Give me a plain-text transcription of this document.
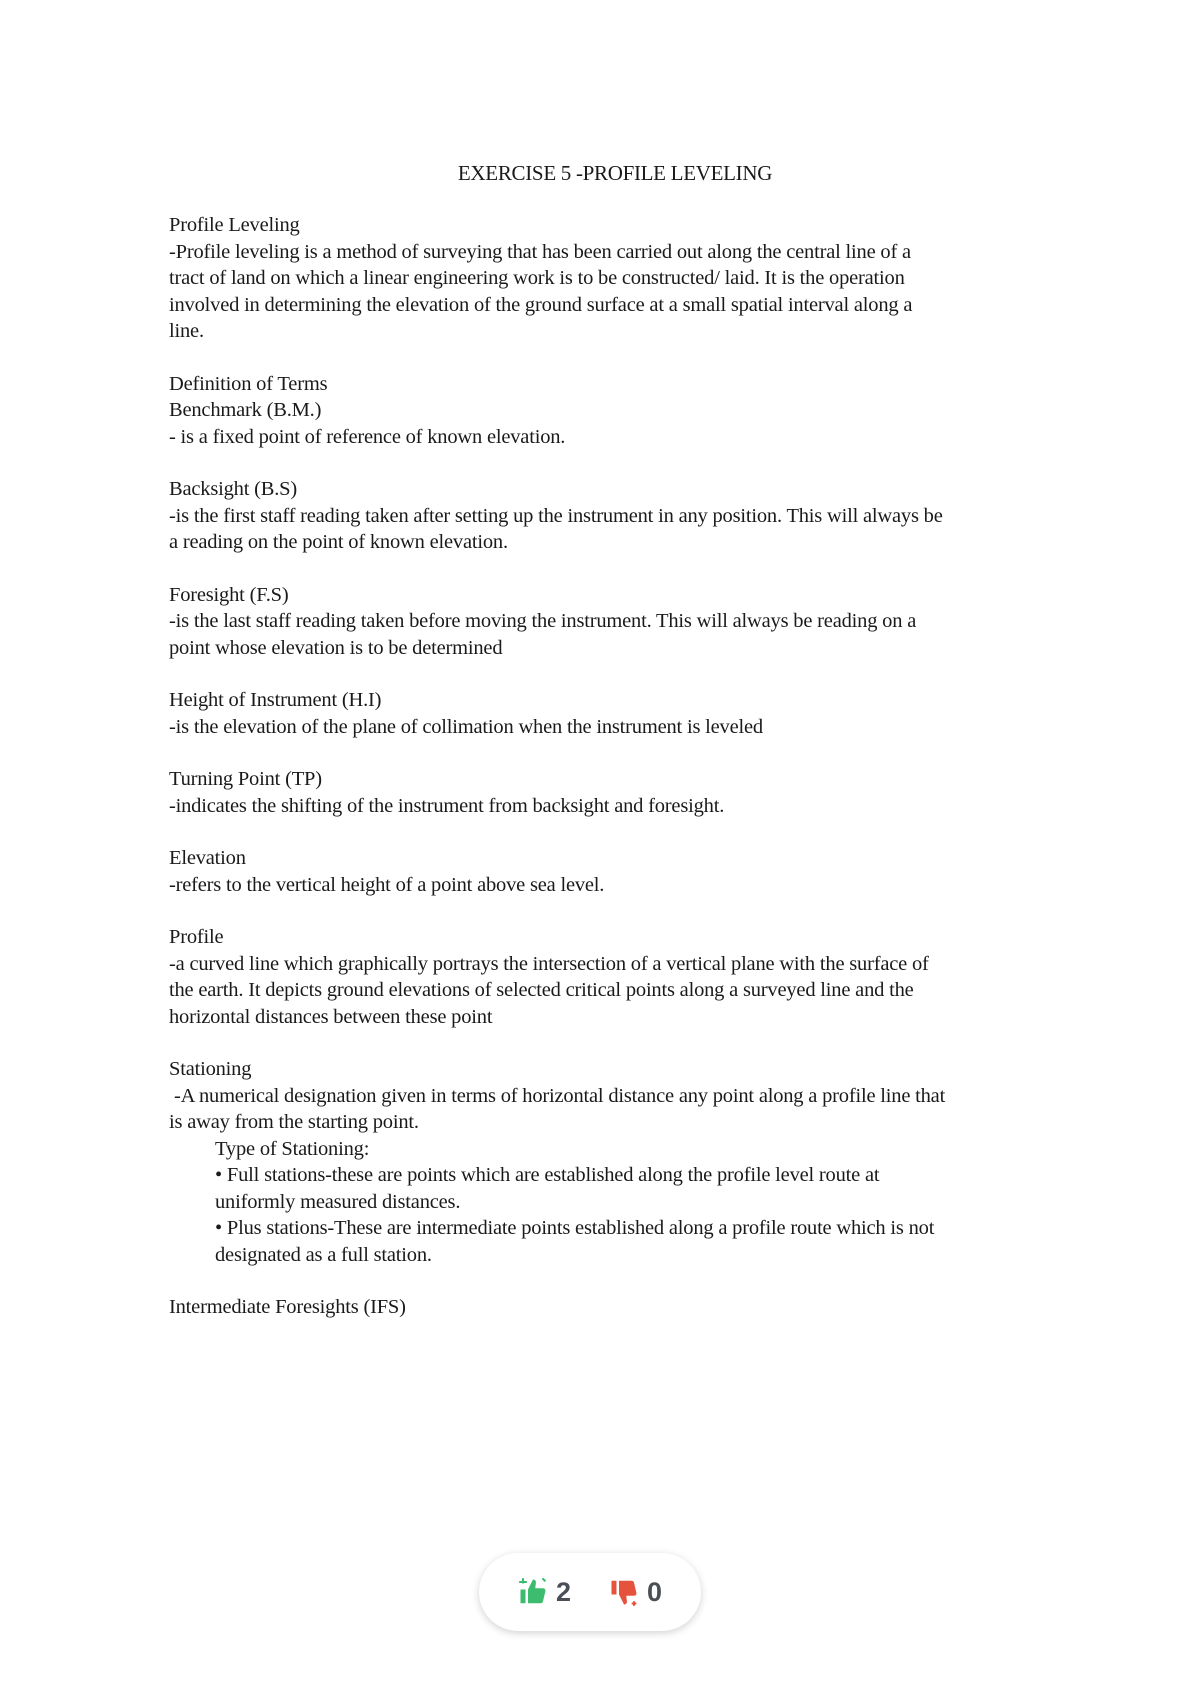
EXERCISE 5 -PROFILE LEVELING
Profile Leveling
-Profile leveling is a method of surveying that has been carried out along the central line of a
tract of land on which a linear engineering work is to be constructed/ laid. It is the operation
involved in determining the elevation of the ground surface at a small spatial interval along a
line.
Definition of Terms
Benchmark (B.M.)
- is a fixed point of reference of known elevation.
Backsight (B.S)
-is the first staff reading taken after setting up the instrument in any position. This will always be
a reading on the point of known elevation.
Foresight (F.S)
-is the last staff reading taken before moving the instrument. This will always be reading on a
point whose elevation is to be determined
Height of Instrument (H.I)
-is the elevation of the plane of collimation when the instrument is leveled
Turning Point (TP)
-indicates the shifting of the instrument from backsight and foresight.
Elevation
-refers to the vertical height of a point above sea level.
Profile
-a curved line which graphically portrays the intersection of a vertical plane with the surface of
the earth. It depicts ground elevations of selected critical points along a surveyed line and the
horizontal distances between these point
Stationing
-A numerical designation given in terms of horizontal distance any point along a profile line that
is away from the starting point.
Type of Stationing:
• Full stations-these are points which are established along the profile level route at
uniformly measured distances.
• Plus stations-These are intermediate points established along a profile route which is not
designated as a full station.
Intermediate Foresights (IFS)
2	0
